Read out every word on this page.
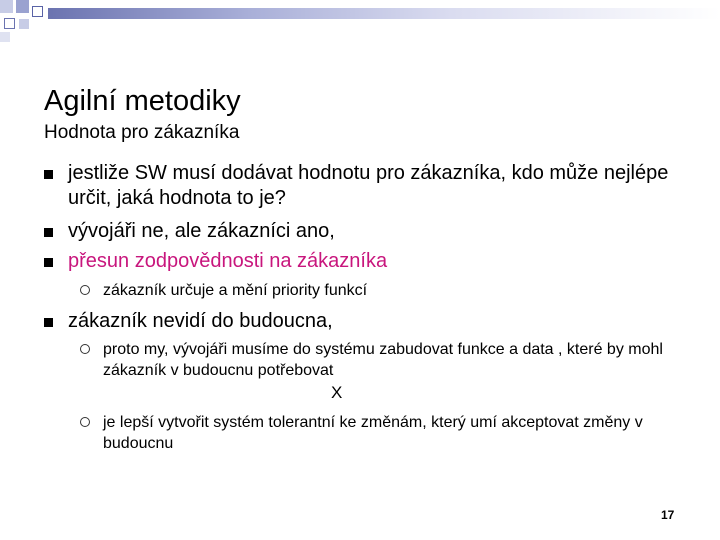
Agilní metodiky
Hodnota pro zákazníka
jestliže SW musí dodávat hodnotu pro zákazníka, kdo může nejlépe určit, jaká hodnota to je?
vývojáři ne, ale zákazníci ano,
přesun zodpovědnosti na zákazníka
zákazník určuje a mění priority funkcí
zákazník nevidí do budoucna,
proto my, vývojáři musíme do systému zabudovat funkce a data , které by mohl zákazník v budoucnu potřebovat
X
je lepší vytvořit systém tolerantní ke změnám, který umí akceptovat změny v budoucnu
17
